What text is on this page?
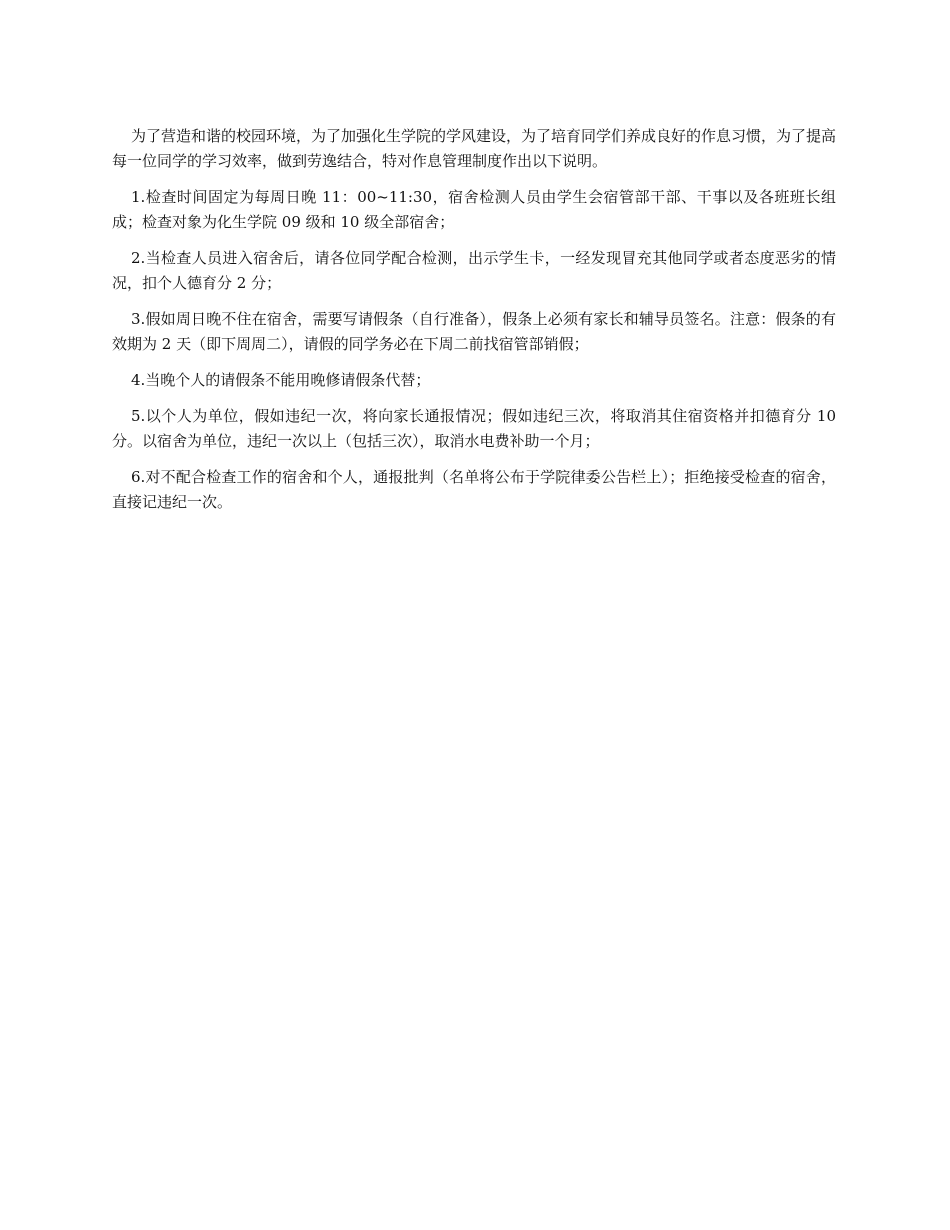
为了营造和谐的校园环境，为了加强化生学院的学风建设，为了培育同学们养成良好的作息习惯，为了提高每一位同学的学习效率，做到劳逸结合，特对作息管理制度作出以下说明。

1.检查时间固定为每周日晚 11：00~11:30，宿舍检测人员由学生会宿管部干部、干事以及各班班长组成；检查对象为化生学院 09 级和 10 级全部宿舍；

2.当检查人员进入宿舍后，请各位同学配合检测，出示学生卡，一经发现冒充其他同学或者态度恶劣的情况，扣个人德育分 2 分；

3.假如周日晚不住在宿舍，需要写请假条（自行准备），假条上必须有家长和辅导员签名。注意：假条的有效期为 2 天（即下周周二），请假的同学务必在下周二前找宿管部销假；

4.当晚个人的请假条不能用晚修请假条代替；

5.以个人为单位，假如违纪一次，将向家长通报情况；假如违纪三次，将取消其住宿资格并扣德育分 10 分。以宿舍为单位，违纪一次以上（包括三次），取消水电费补助一个月；

6.对不配合检查工作的宿舍和个人，通报批判（名单将公布于学院律委公告栏上）；拒绝接受检查的宿舍，直接记违纪一次。
